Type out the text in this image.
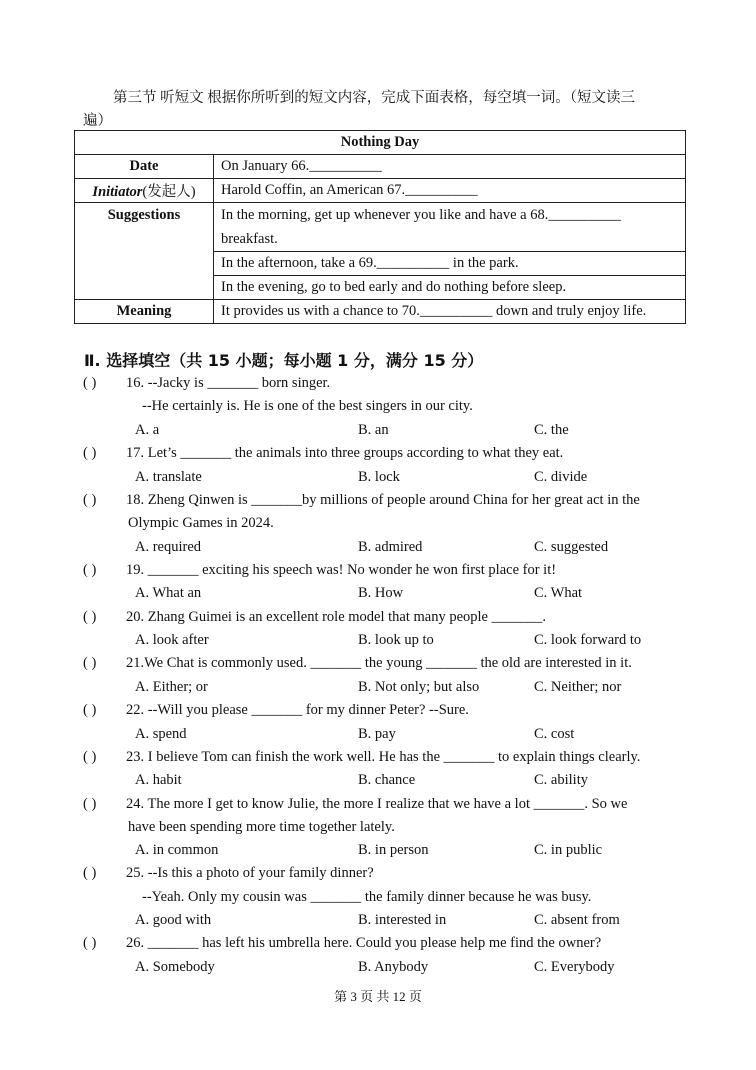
第三节 听短文 根据你所听到的短文内容，完成下面表格，每空填一词。（短文读三
遍）
Nothing Day	
Date	On January 66.__________
Initiator(发起人)	Harold Coffin, an American 67.__________
Suggestions	In the morning, get up whenever you like and have a 68.__________
breakfast.

	In the afternoon, take a 69.__________ in the park.
	In the evening, go to bed early and do nothing before sleep.
Meaning	It provides us with a chance to 70.__________ down and truly enjoy life.
Ⅱ. 选择填空（共 15 小题；每小题 1 分，满分 15 分）
( ) 16. --Jacky is _______ born singer.
--He certainly is. He is one of the best singers in our city.
A. a	B. an	C. the
( ) 17. Let’s _______ the animals into three groups according to what they eat.
A. translate	B. lock	C. divide
( ) 18. Zheng Qinwen is _______by millions of people around China for her great act in the
Olympic Games in 2024.
A. required	B. admired	C. suggested
( ) 19. _______ exciting his speech was! No wonder he won first place for it!
A. What an	B. How	C. What
( ) 20. Zhang Guimei is an excellent role model that many people _______.
A. look after	B. look up to	C. look forward to
( ) 21.We Chat is commonly used. _______ the young _______ the old are interested in it.
A. Either; or	B. Not only; but also	C. Neither; nor
( ) 22. --Will you please _______ for my dinner Peter? --Sure.
A. spend	B. pay	C. cost
( ) 23. I believe Tom can finish the work well. He has the _______ to explain things clearly.
A. habit	B. chance	C. ability
( ) 24. The more I get to know Julie, the more I realize that we have a lot _______. So we
have been spending more time together lately.
A. in common	B. in person	C. in public
( ) 25. --Is this a photo of your family dinner?
--Yeah. Only my cousin was _______ the family dinner because he was busy.
A. good with	B. interested in	C. absent from
( ) 26. _______ has left his umbrella here. Could you please help me find the owner?
A. Somebody	B. Anybody	C. Everybody
第 3 页 共 12 页
